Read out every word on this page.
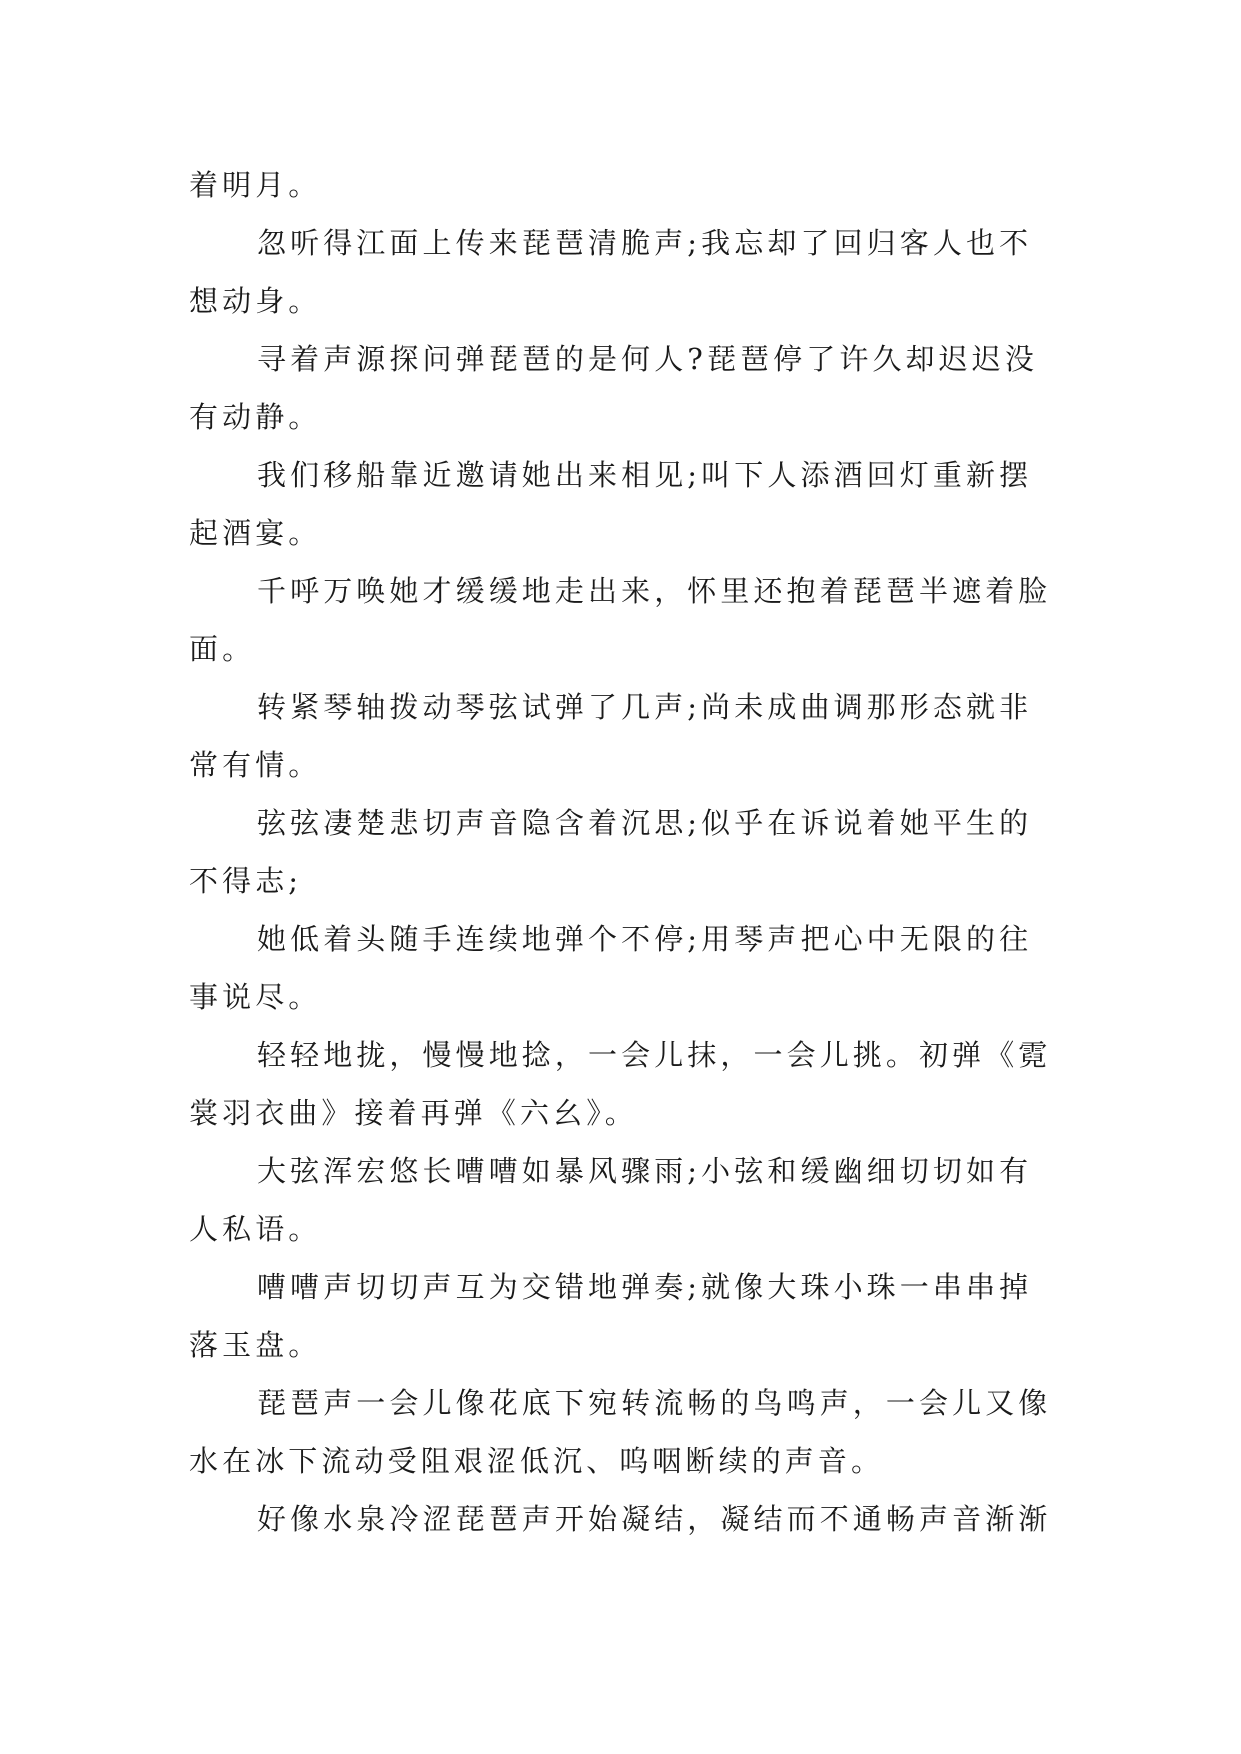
着明月。

忽听得江面上传来琵琶清脆声;我忘却了回归客人也不想动身。

寻着声源探问弹琵琶的是何人?琵琶停了许久却迟迟没有动静。

我们移船靠近邀请她出来相见;叫下人添酒回灯重新摆起酒宴。

千呼万唤她才缓缓地走出来，怀里还抱着琵琶半遮着脸面。

转紧琴轴拨动琴弦试弹了几声;尚未成曲调那形态就非常有情。

弦弦凄楚悲切声音隐含着沉思;似乎在诉说着她平生的不得志;

她低着头随手连续地弹个不停;用琴声把心中无限的往事说尽。

轻轻地拢，慢慢地捻，一会儿抹，一会儿挑。初弹《霓裳羽衣曲》接着再弹《六幺》。

大弦浑宏悠长嘈嘈如暴风骤雨;小弦和缓幽细切切如有人私语。

嘈嘈声切切声互为交错地弹奏;就像大珠小珠一串串掉落玉盘。

琵琶声一会儿像花底下宛转流畅的鸟鸣声，一会儿又像水在冰下流动受阻艰涩低沉、呜咽断续的声音。

好像水泉冷涩琵琶声开始凝结，凝结而不通畅声音渐渐
